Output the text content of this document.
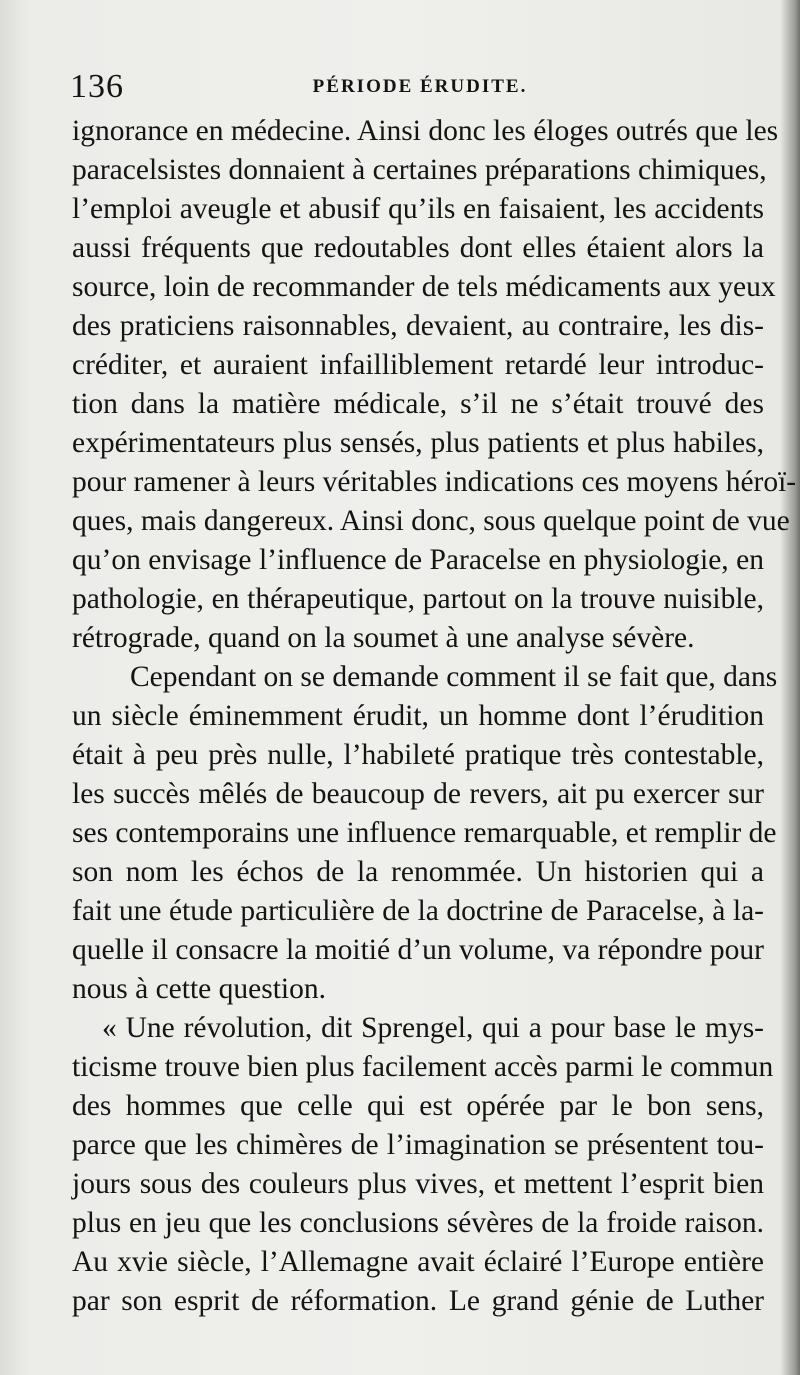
136	PÉRIODE ÉRUDITE.
ignorance en médecine. Ainsi donc les éloges outrés que les
paracelsistes donnaient à certaines préparations chimiques,
l’emploi aveugle et abusif qu’ils en faisaient, les accidents
aussi fréquents que redoutables dont elles étaient alors la
source, loin de recommander de tels médicaments aux yeux
des praticiens raisonnables, devaient, au contraire, les dis-
créditer, et auraient infailliblement retardé leur introduc-
tion dans la matière médicale, s’il ne s’était trouvé des
expérimentateurs plus sensés, plus patients et plus habiles,
pour ramener à leurs véritables indications ces moyens héroï-
ques, mais dangereux. Ainsi donc, sous quelque point de vue
qu’on envisage l’influence de Paracelse en physiologie, en
pathologie, en thérapeutique, partout on la trouve nuisible,
rétrograde, quand on la soumet à une analyse sévère.
Cependant on se demande comment il se fait que, dans
un siècle éminemment érudit, un homme dont l’érudition
était à peu près nulle, l’habileté pratique très contestable,
les succès mêlés de beaucoup de revers, ait pu exercer sur
ses contemporains une influence remarquable, et remplir de
son nom les échos de la renommée. Un historien qui a
fait une étude particulière de la doctrine de Paracelse, à la-
quelle il consacre la moitié d’un volume, va répondre pour
nous à cette question.
« Une révolution, dit Sprengel, qui a pour base le mys-
ticisme trouve bien plus facilement accès parmi le commun
des hommes que celle qui est opérée par le bon sens,
parce que les chimères de l’imagination se présentent tou-
jours sous des couleurs plus vives, et mettent l’esprit bien
plus en jeu que les conclusions sévères de la froide raison.
Au xvie siècle, l’Allemagne avait éclairé l’Europe entière
par son esprit de réformation. Le grand génie de Luther
